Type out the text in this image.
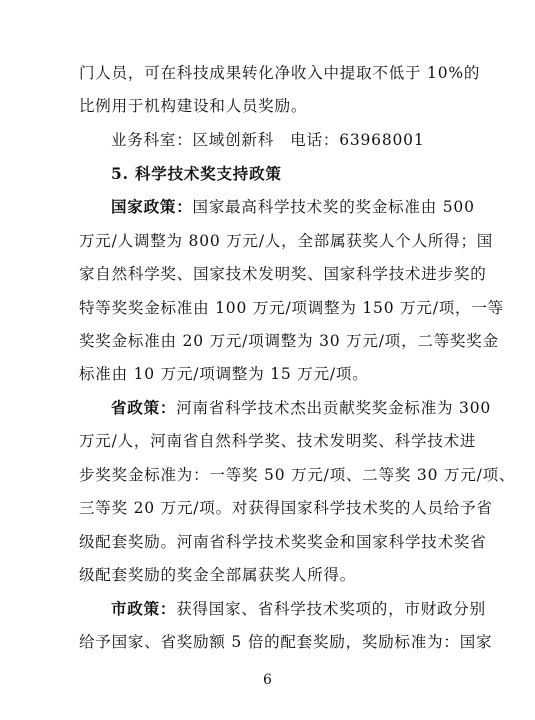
门人员，可在科技成果转化净收入中提取不低于 10%的
比例用于机构建设和人员奖励。
业务科室：区域创新科　电话：63968001
5. 科学技术奖支持政策
国家政策：国家最高科学技术奖的奖金标准由 500
万元/人调整为 800 万元/人，全部属获奖人个人所得；国
家自然科学奖、国家技术发明奖、国家科学技术进步奖的
特等奖奖金标准由 100 万元/项调整为 150 万元/项，一等
奖奖金标准由 20 万元/项调整为 30 万元/项，二等奖奖金
标准由 10 万元/项调整为 15 万元/项。
省政策：河南省科学技术杰出贡献奖奖金标准为 300
万元/人，河南省自然科学奖、技术发明奖、科学技术进
步奖奖金标准为：一等奖 50 万元/项、二等奖 30 万元/项、
三等奖 20 万元/项。对获得国家科学技术奖的人员给予省
级配套奖励。河南省科学技术奖奖金和国家科学技术奖省
级配套奖励的奖金全部属获奖人所得。
市政策：获得国家、省科学技术奖项的，市财政分别
给予国家、省奖励额 5 倍的配套奖励，奖励标准为：国家
6
